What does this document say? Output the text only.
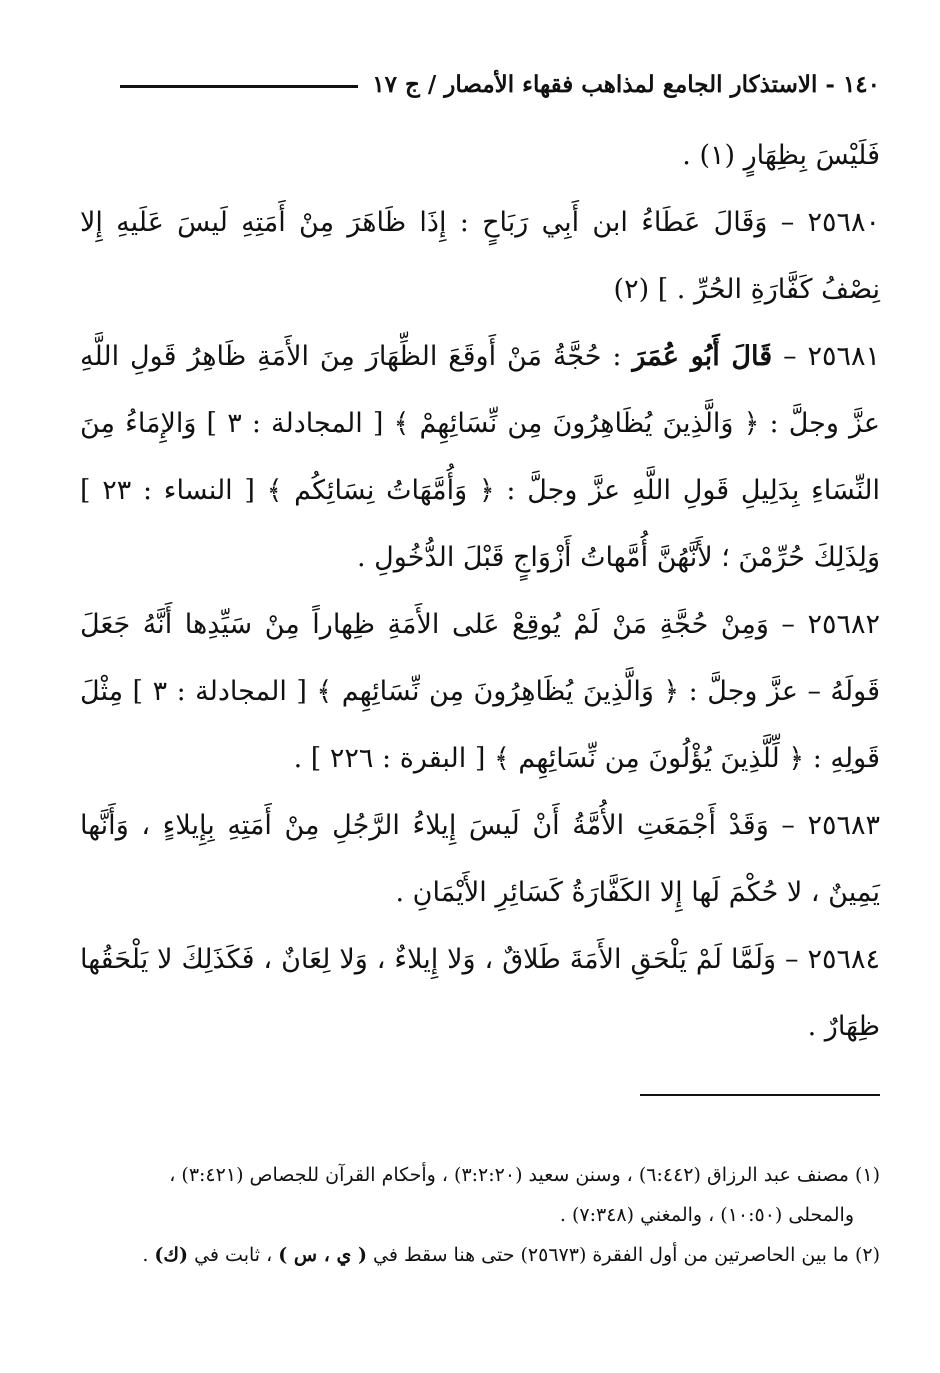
١٤٠ - الاستذكار الجامع لمذاهب فقهاء الأمصار / ج ١٧

فَلَيْسَ بِظِهَارٍ (١) .

٢٥٦٨٠ – وَقَالَ عَطَاءُ ابن أَبِي رَبَاحٍ : إِذَا ظَاهَرَ مِنْ أَمَتِهِ لَيسَ عَلَيهِ إِلا نِصْفُ كَفَّارَةِ الحُرِّ . ] (٢)

٢٥٦٨١ – قَالَ أَبُو عُمَرَ : حُجَّةُ مَنْ أَوقَعَ الظِّهَارَ مِنَ الأَمَةِ ظَاهِرُ قَولِ اللَّهِ عزَّ وجلَّ : ﴿ وَالَّذِينَ يُظَاهِرُونَ مِن نِّسَائِهِمْ ﴾ [ المجادلة : ٣ ] وَالإِمَاءُ مِنَ النِّسَاءِ بِدَلِيلِ قَولِ اللَّهِ عزَّ وجلَّ : ﴿ وَأُمَّهَاتُ نِسَائِكُم ﴾ [ النساء : ٢٣ ] وَلِذَلِكَ حُرِّمْنَ ؛ لأَنَّهُنَّ أُمَّهاتُ أَزْوَاجٍ قَبْلَ الدُّخُولِ .

٢٥٦٨٢ – وَمِنْ حُجَّةِ مَنْ لَمْ يُوقِعْ عَلى الأَمَةِ ظِهاراً مِنْ سَيِّدِها أَنَّهُ جَعَلَ قَولَهُ – عزَّ وجلَّ : ﴿ وَالَّذِينَ يُظَاهِرُونَ مِن نِّسَائِهِم ﴾ [ المجادلة : ٣ ] مِثْلَ قَولِهِ : ﴿ لِّلَّذِينَ يُؤْلُونَ مِن نِّسَائِهِم ﴾ [ البقرة : ٢٢٦ ] .

٢٥٦٨٣ – وَقَدْ أَجْمَعَتِ الأُمَّةُ أَنْ لَيسَ إِيلاءُ الرَّجُلِ مِنْ أَمَتِهِ بِإِيلاءٍ ، وَأَنَّها يَمِينٌ ، لا حُكْمَ لَها إِلا الكَفَّارَةُ كَسَائِرِ الأَيْمَانِ .

٢٥٦٨٤ – وَلَمَّا لَمْ يَلْحَقِ الأَمَةَ طَلاقٌ ، وَلا إِيلاءٌ ، وَلا لِعَانٌ ، فَكَذَلِكَ لا يَلْحَقُها ظِهَارٌ .

(١) مصنف عبد الرزاق (٦:٤٤٢) ، وسنن سعيد (٣:٢:٢٠) ، وأحكام القرآن للجصاص (٣:٤٢١) ،

والمحلى (١٠:٥٠) ، والمغني (٧:٣٤٨) .

(٢) ما بين الحاصرتين من أول الفقرة (٢٥٦٧٣) حتى هنا سقط في ( ي ، س ) ، ثابت في (ك) .
